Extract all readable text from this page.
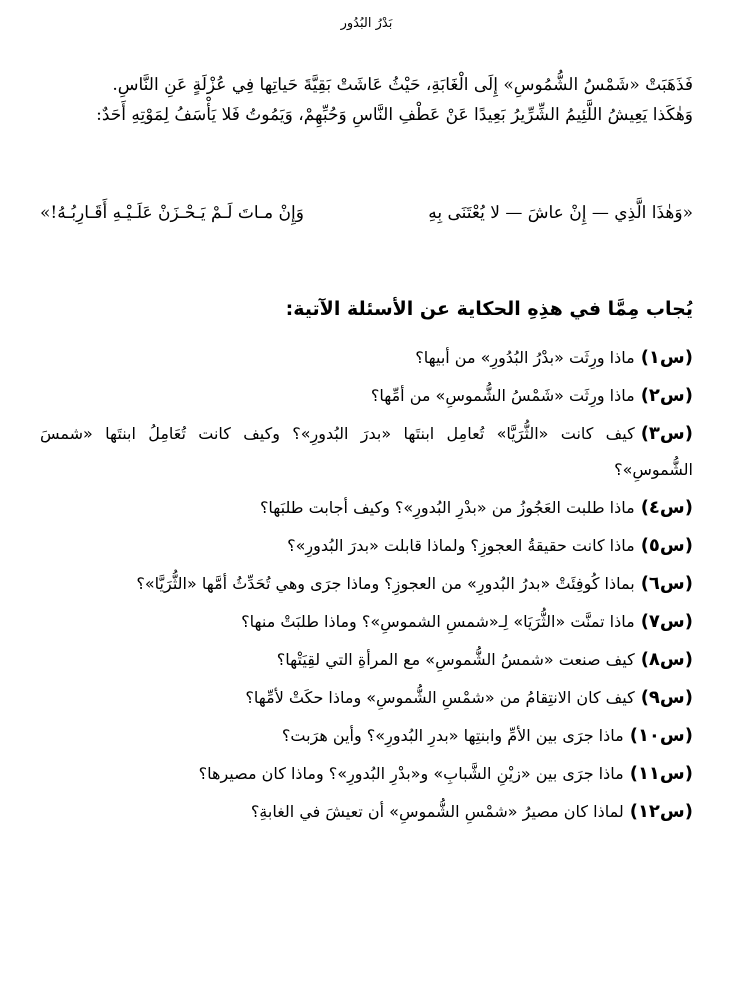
بَدْرُ البُدُور

فَذَهَبَتْ «شَمْسُ الشُّمُوسِ» إِلَى الْغَابَةِ، حَيْثُ عَاشَتْ بَقِيَّةَ حَياتِها فِي عُزْلَةٍ عَنِ النَّاسِ.

وَهٰكَذا يَعِيشُ اللَّئِيمُ الشِّرِّيرُ بَعِيدًا عَنْ عَطْفِ النَّاسِ وَحُبِّهِمْ، وَيَمُوتُ فَلا يَأْسَفُ لِمَوْتِهِ أَحَدٌ:

«وَهٰذَا الَّذِي — إِنْ عاشَ — لا يُعْتَنَى بِهِ
وَإِنْ مـاتَ لَـمْ يَـحْـزَنْ عَلَـيْـهِ أَقَـارِبُـهُ!»
يُجاب مِمَّا في هذِهِ الحكاية عن الأسئلة الآتية:
(س١)ماذا ورِثَت «بدْرُ البُدُورِ» من أبيها؟
(س٢)ماذا ورِثَت «شَمْسُ الشُّموسِ» من أمِّها؟
(س٣)كيف كانت «الثُّرَيَّا» تُعامِل ابنتَها «بدرَ البُدورِ»؟ وكيف كانت تُعَامِلُ ابنتَها «شمسَ الشُّموسِ»؟
(س٤)ماذا طلبت العَجُوزُ من «بدْرِ البُدورِ»؟ وكيف أجابت طلبَها؟
(س٥)ماذا كانت حقيقةُ العجوزِ؟ ولماذا قابلت «بدرَ البُدورِ»؟
(س٦)بماذا كُوفِئَتْ «بدرُ البُدورِ» من العجوزِ؟ وماذا جرَى وهي تُحَدِّثُ أمَّها «الثُّرَيَّا»؟
(س٧)ماذا تمنَّت «الثُّرَيَا» لِـ«شمسِ الشموسِ»؟ وماذا طلبَتْ منها؟
(س٨)كيف صنعت «شمسُ الشُّموسِ» مع المرأةِ التي لقِيَتْها؟
(س٩)كيف كان الانتِقامُ من «شمْسِ الشُّموسِ» وماذا حكَتْ لأمِّها؟
(س١٠)ماذا جرَى بين الأمِّ وابنتِها «بدرِ البُدورِ»؟ وأين هرَبت؟
(س١١)ماذا جرَى بين «زيْنِ الشَّبابِ» و«بدْرِ البُدورِ»؟ وماذا كان مصيرها؟
(س١٢)لماذا كان مصيرُ «شمْسِ الشُّموسِ» أن تعيشَ في الغابةِ؟
